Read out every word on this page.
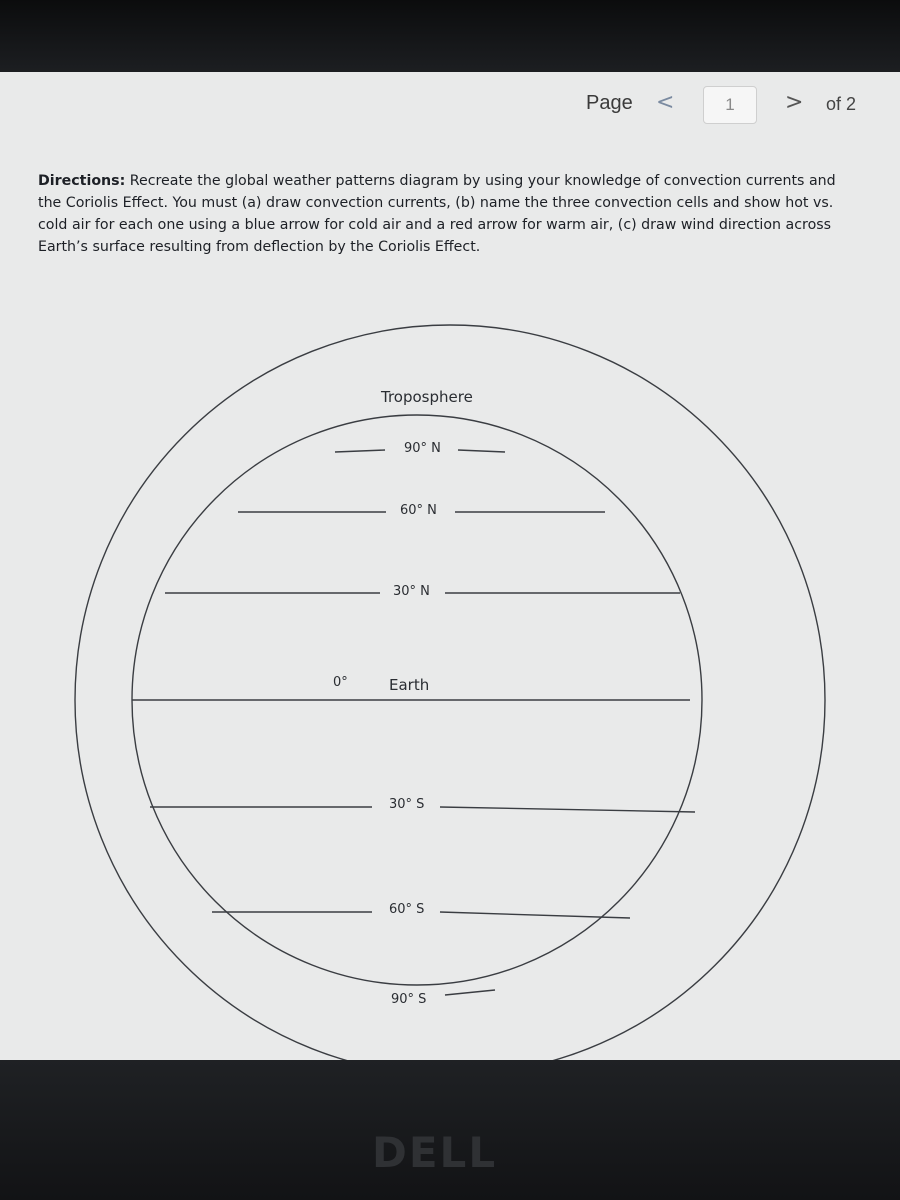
Page <	1	> of 2
Directions: Recreate the global weather patterns diagram by using your knowledge of convection currents and the Coriolis Effect. You must (a) draw convection currents, (b) name the three convection cells and show hot vs. cold air for each one using a blue arrow for cold air and a red arrow for warm air, (c) draw wind direction across Earth’s surface resulting from deflection by the Coriolis Effect.
Troposphere
90° N
60° N
30° N
0°	Earth
30° S
60° S
90° S
DELL
